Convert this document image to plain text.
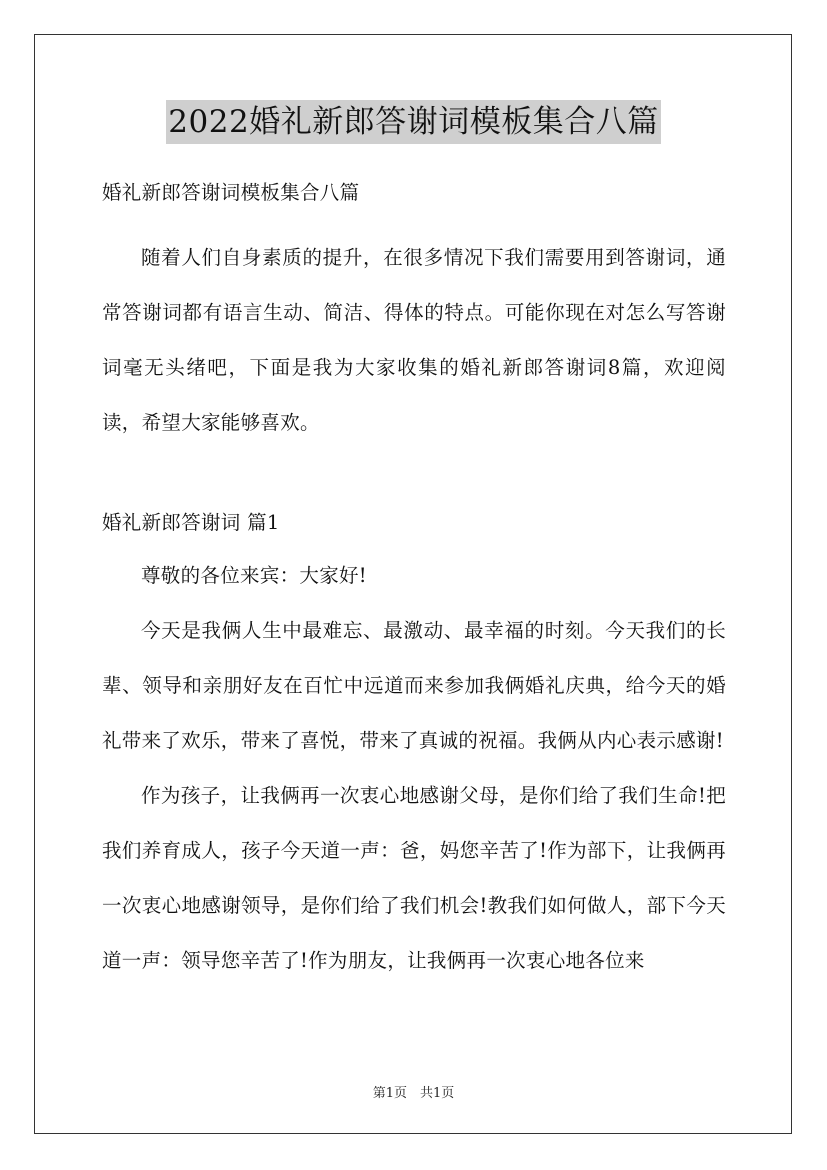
2022婚礼新郎答谢词模板集合八篇
婚礼新郎答谢词模板集合八篇
随着人们自身素质的提升，在很多情况下我们需要用到答谢词，通常答谢词都有语言生动、简洁、得体的特点。可能你现在对怎么写答谢词毫无头绪吧，下面是我为大家收集的婚礼新郎答谢词8篇，欢迎阅读，希望大家能够喜欢。
婚礼新郎答谢词 篇1
尊敬的各位来宾：大家好!
今天是我俩人生中最难忘、最激动、最幸福的时刻。今天我们的长辈、领导和亲朋好友在百忙中远道而来参加我俩婚礼庆典，给今天的婚礼带来了欢乐，带来了喜悦，带来了真诚的祝福。我俩从内心表示感谢!
作为孩子，让我俩再一次衷心地感谢父母，是你们给了我们生命!把我们养育成人，孩子今天道一声：爸，妈您辛苦了!作为部下，让我俩再一次衷心地感谢领导，是你们给了我们机会!教我们如何做人，部下今天道一声：领导您辛苦了!作为朋友，让我俩再一次衷心地各位来
第1页　共1页
